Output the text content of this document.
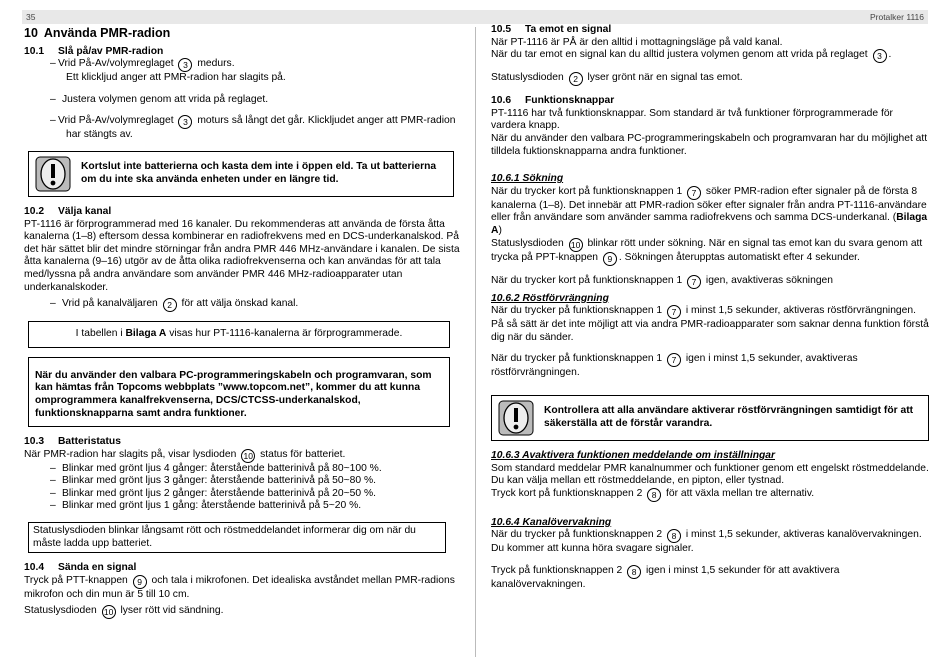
35	Protalker 1116
10 Använda PMR-radion
10.1 Slå på/av PMR-radion
– Vrid På-Av/volymreglaget 3 medurs.
Ett klickljud anger att PMR-radion har slagits på.
– Justera volymen genom att vrida på reglaget.
– Vrid På-Av/volymreglaget 3 moturs så långt det går. Klickljudet anger att PMR-radion
har stängts av.
Kortslut inte batterierna och kasta dem inte i öppen eld. Ta ut batterierna om du inte ska använda enheten under en längre tid.
10.2 Välja kanal
PT-1116 är förprogrammerad med 16 kanaler. Du rekommenderas att använda de första åtta kanalerna (1–8) eftersom dessa kombinerar en radiofrekvens med en DCS-underkanalskod. På det här sättet blir det mindre störningar från andra PMR 446 MHz-användare i kanalen. De sista åtta kanalerna (9–16) utgör av de åtta olika radiofrekvenserna och kan användas för att tala med/lyssna på andra användare som använder PMR 446 MHz-radioapparater utan underkanalskoder.
– Vrid på kanalväljaren 2 för att välja önskad kanal.
I tabellen i Bilaga A visas hur PT-1116-kanalerna är förprogrammerade.
När du använder den valbara PC-programmeringskabeln och programvaran, som kan hämtas från Topcoms webbplats ”www.topcom.net”, kommer du att kunna omprogrammera kanalfrekvenserna, DCS/CTCSS-underkanalskod, funktionsknapparna samt andra funktioner.
10.3 Batteristatus
När PMR-radion har slagits på, visar lysdioden 10 status för batteriet.
– Blinkar med grönt ljus 4 gånger: återstående batterinivå på 80~100 %.
– Blinkar med grönt ljus 3 gånger: återstående batterinivå på 50~80 %.
– Blinkar med grönt ljus 2 gånger: återstående batterinivå på 20~50 %.
– Blinkar med grönt ljus 1 gång: återstående batterinivå på 5~20 %.
Statuslysdioden blinkar långsamt rött och röstmeddelandet informerar dig om när du måste ladda upp batteriet.
10.4 Sända en signal
Tryck på PTT-knappen 9 och tala i mikrofonen. Det idealiska avståndet mellan PMR-radions mikrofon och din mun är 5 till 10 cm.
Statuslysdioden 10 lyser rött vid sändning.
10.5 Ta emot en signal
När PT-1116 är PÅ är den alltid i mottagningsläge på vald kanal.
När du tar emot en signal kan du alltid justera volymen genom att vrida på reglaget 3 .
Statuslysdioden 2 lyser grönt när en signal tas emot.
10.6 Funktionsknappar
PT-1116 har två funktionsknappar. Som standard är två funktioner förprogrammerade för vardera knapp.
När du använder den valbara PC-programmeringskabeln och programvaran har du möjlighet att tilldela fuktionsknapparna andra funktioner.
10.6.1 Sökning
När du trycker kort på funktionsknappen 1 7 söker PMR-radion efter signaler på de första 8 kanalerna (1–8). Det innebär att PMR-radion söker efter signaler från andra PT-1116-användare eller från användare som använder samma radiofrekvens och samma DCS-underkanal. (Bilaga A)
Statuslysdioden 10 blinkar rött under sökning. När en signal tas emot kan du svara genom att trycka på PPT-knappen 9 . Sökningen återupptas automatiskt efter 4 sekunder.
När du trycker kort på funktionsknappen 1 7 igen, avaktiveras sökningen
10.6.2 Röstförvrängning
När du trycker på funktionsknappen 1 7 i minst 1,5 sekunder, aktiveras röstförvrängningen. På så sätt är det inte möjligt att via andra PMR-radioapparater som saknar denna funktion förstå dig när du sänder.
När du trycker på funktionsknappen 1 7 igen i minst 1,5 sekunder, avaktiveras röstförvrängningen.
Kontrollera att alla användare aktiverar röstförvrängningen samtidigt för att säkerställa att de förstår varandra.
10.6.3 Avaktivera funktionen meddelande om inställningar
Som standard meddelar PMR kanalnummer och funktioner genom ett engelskt röstmeddelande. Du kan välja mellan ett röstmeddelande, en pipton, eller tystnad.
Tryck kort på funktionsknappen 2 8 för att växla mellan tre alternativ.
10.6.4 Kanalövervakning
När du trycker på funktionsknappen 2 8 i minst 1,5 sekunder, aktiveras kanalövervakningen. Du kommer att kunna höra svagare signaler.
Tryck på funktionsknappen 2 8 igen i minst 1,5 sekunder för att avaktivera kanalövervakningen.
